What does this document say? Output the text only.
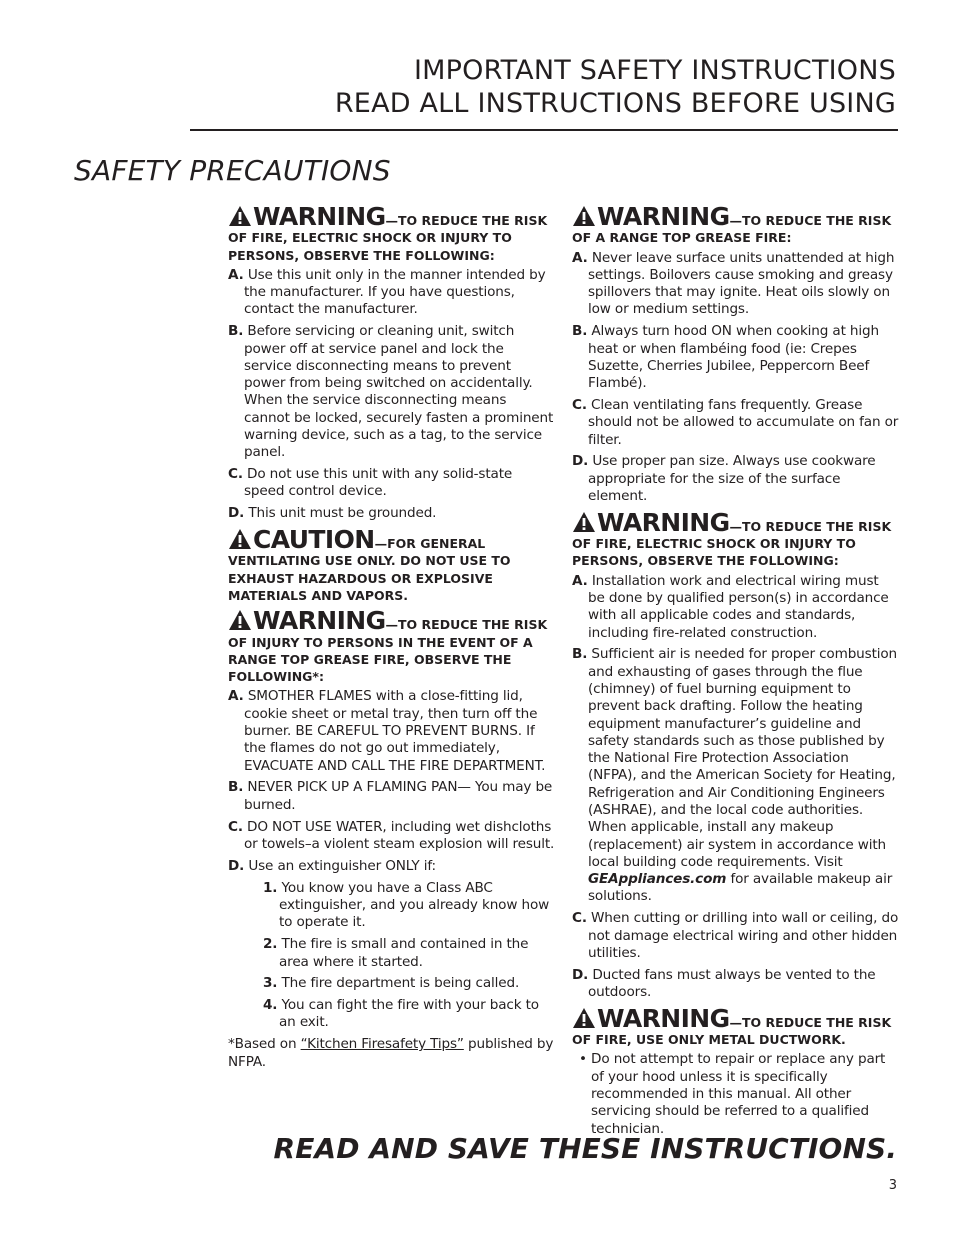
IMPORTANT SAFETY INSTRUCTIONS
READ ALL INSTRUCTIONS BEFORE USING
SAFETY PRECAUTIONS
WARNING—TO REDUCE THE RISK OF FIRE, ELECTRIC SHOCK OR INJURY TO PERSONS, OBSERVE THE FOLLOWING:
A. Use this unit only in the manner intended by the manufacturer. If you have questions, contact the manufacturer.
B. Before servicing or cleaning unit, switch power off at service panel and lock the service disconnecting means to prevent power from being switched on accidentally. When the service disconnecting means cannot be locked, securely fasten a prominent warning device, such as a tag, to the service panel.
C. Do not use this unit with any solid-state speed control device.
D. This unit must be grounded.
CAUTION—FOR GENERAL VENTILATING USE ONLY. DO NOT USE TO EXHAUST HAZARDOUS OR EXPLOSIVE MATERIALS AND VAPORS.
WARNING—TO REDUCE THE RISK OF INJURY TO PERSONS IN THE EVENT OF A RANGE TOP GREASE FIRE, OBSERVE THE FOLLOWING*:
A. SMOTHER FLAMES with a close-fitting lid, cookie sheet or metal tray, then turn off the burner. BE CAREFUL TO PREVENT BURNS. If the flames do not go out immediately, EVACUATE AND CALL THE FIRE DEPARTMENT.
B. NEVER PICK UP A FLAMING PAN— You may be burned.
C. DO NOT USE WATER, including wet dishcloths or towels–a violent steam explosion will result.
D. Use an extinguisher ONLY if:
1. You know you have a Class ABC extinguisher, and you already know how to operate it.
2. The fire is small and contained in the area where it started.
3. The fire department is being called.
4. You can fight the fire with your back to an exit.
*Based on “Kitchen Firesafety Tips” published by NFPA.
WARNING—TO REDUCE THE RISK OF A RANGE TOP GREASE FIRE:
A. Never leave surface units unattended at high settings. Boilovers cause smoking and greasy spillovers that may ignite. Heat oils slowly on low or medium settings.
B. Always turn hood ON when cooking at high heat or when flambéing food (ie: Crepes Suzette, Cherries Jubilee, Peppercorn Beef Flambé).
C. Clean ventilating fans frequently. Grease should not be allowed to accumulate on fan or filter.
D. Use proper pan size. Always use cookware appropriate for the size of the surface element.
WARNING—TO REDUCE THE RISK OF FIRE, ELECTRIC SHOCK OR INJURY TO PERSONS, OBSERVE THE FOLLOWING:
A. Installation work and electrical wiring must be done by qualified person(s) in accordance with all applicable codes and standards, including fire-related construction.
B. Sufficient air is needed for proper combustion and exhausting of gases through the flue (chimney) of fuel burning equipment to prevent back drafting. Follow the heating equipment manufacturer’s guideline and safety standards such as those published by the National Fire Protection Association (NFPA), and the American Society for Heating, Refrigeration and Air Conditioning Engineers (ASHRAE), and the local code authorities. When applicable, install any makeup (replacement) air system in accordance with local building code requirements. Visit GEAppliances.com for available makeup air solutions.
C. When cutting or drilling into wall or ceiling, do not damage electrical wiring and other hidden utilities.
D. Ducted fans must always be vented to the outdoors.
WARNING—TO REDUCE THE RISK OF FIRE, USE ONLY METAL DUCTWORK.
• Do not attempt to repair or replace any part of your hood unless it is specifically recommended in this manual. All other servicing should be referred to a qualified technician.
READ AND SAVE THESE INSTRUCTIONS.
3
